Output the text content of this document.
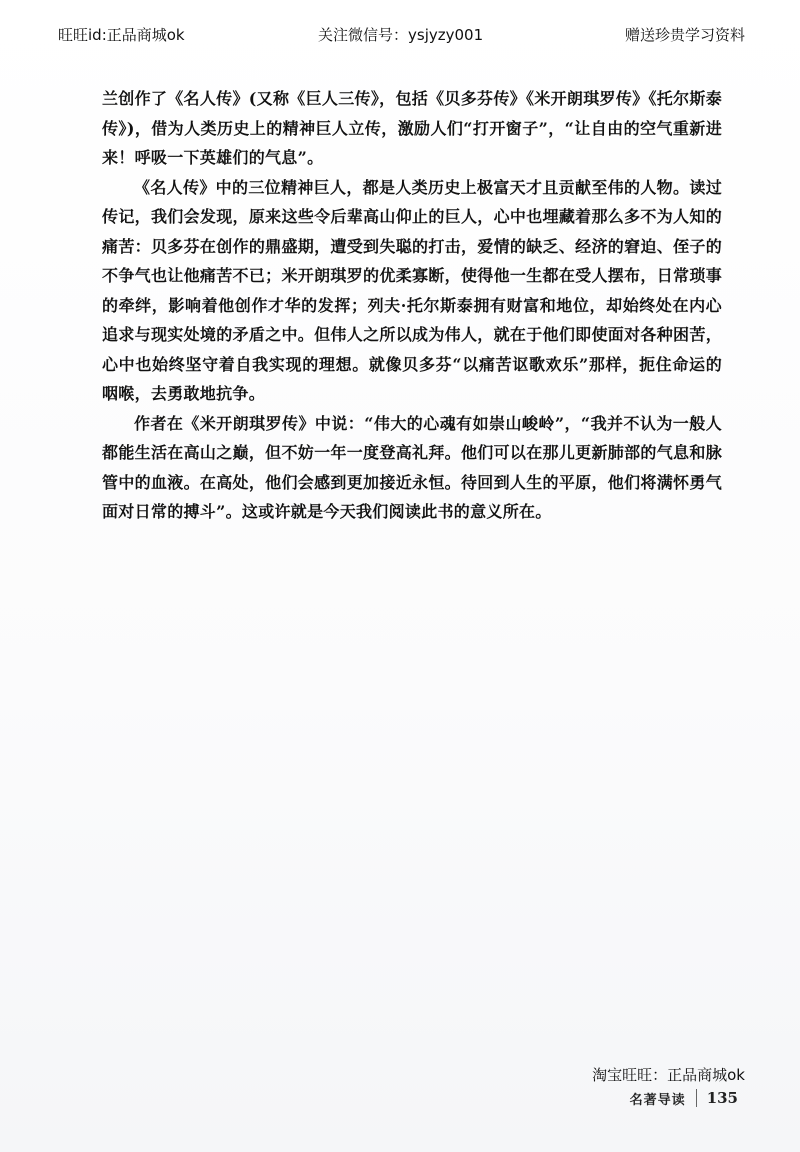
旺旺id:正品商城ok	关注微信号：ysjyzy001	赠送珍贵学习资料

兰创作了《名人传》(又称《巨人三传》，包括《贝多芬传》《米开朗琪罗传》《托尔斯泰传》)，借为人类历史上的精神巨人立传，激励人们“打开窗子”，“让自由的空气重新进来！呼吸一下英雄们的气息”。

《名人传》中的三位精神巨人，都是人类历史上极富天才且贡献至伟的人物。读过传记，我们会发现，原来这些令后辈高山仰止的巨人，心中也埋藏着那么多不为人知的痛苦：贝多芬在创作的鼎盛期，遭受到失聪的打击，爱情的缺乏、经济的窘迫、侄子的不争气也让他痛苦不已；米开朗琪罗的优柔寡断，使得他一生都在受人摆布，日常琐事的牵绊，影响着他创作才华的发挥；列夫·托尔斯泰拥有财富和地位，却始终处在内心追求与现实处境的矛盾之中。但伟人之所以成为伟人，就在于他们即使面对各种困苦，心中也始终坚守着自我实现的理想。就像贝多芬“以痛苦讴歌欢乐”那样，扼住命运的咽喉，去勇敢地抗争。

作者在《米开朗琪罗传》中说：“伟大的心魂有如崇山峻岭”，“我并不认为一般人都能生活在高山之巅，但不妨一年一度登高礼拜。他们可以在那儿更新肺部的气息和脉管中的血液。在高处，他们会感到更加接近永恒。待回到人生的平原，他们将满怀勇气面对日常的搏斗”。这或许就是今天我们阅读此书的意义所在。

淘宝旺旺：正品商城ok
名著导读 135
